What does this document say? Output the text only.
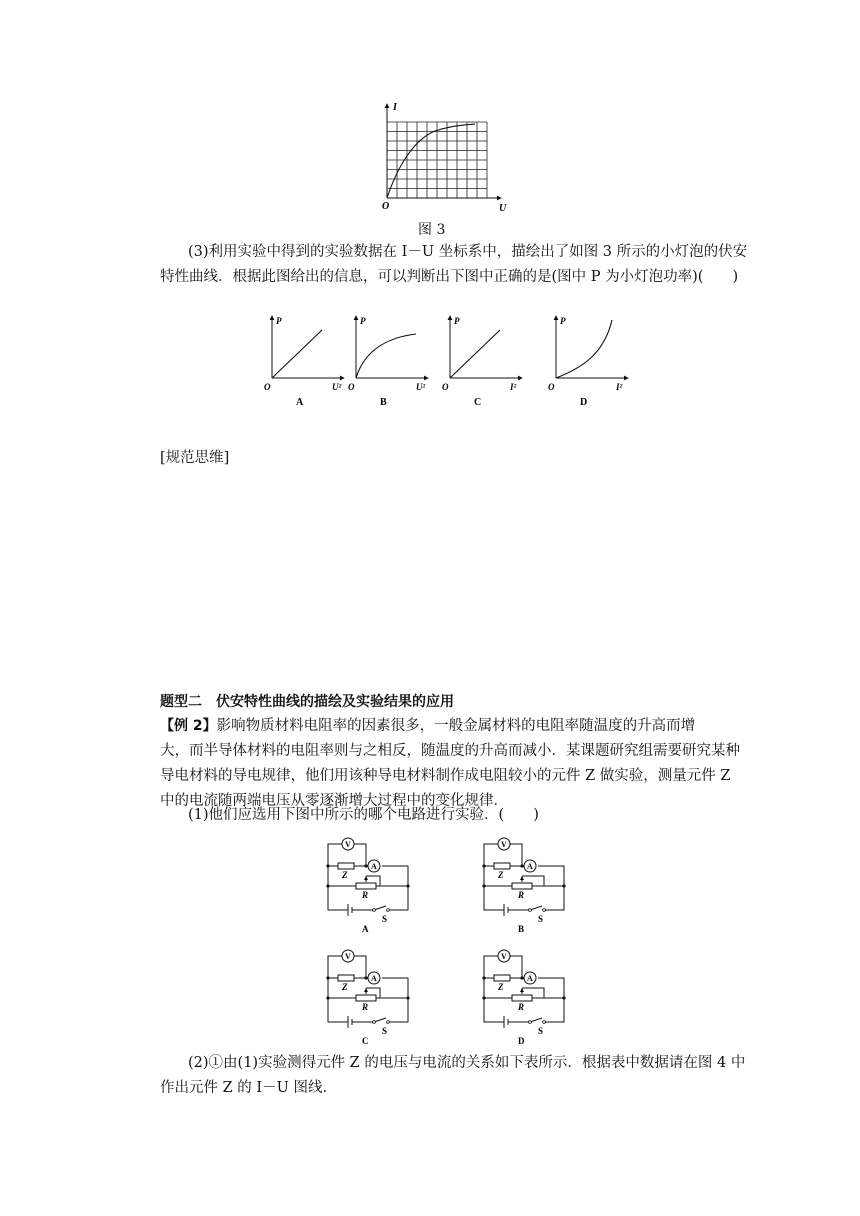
I
U
O
图 3
(3)利用实验中得到的实验数据在 I－U 坐标系中，描绘出了如图 3 所示的小灯泡的伏安
特性曲线．根据此图给出的信息，可以判断出下图中正确的是(图中 P 为小灯泡功率)(　　)
P
U²
O
A
P
U²
O
B
P
I²
O
C
P
I²
O
D
[规范思维]
题型二　伏安特性曲线的描绘及实验结果的应用
【例 2】影响物质材料电阻率的因素很多，一般金属材料的电阻率随温度的升高而增
大，而半导体材料的电阻率则与之相反，随温度的升高而减小．某课题研究组需要研究某种
导电材料的导电规律，他们用该种导电材料制作成电阻较小的元件 Z 做实验，测量元件 Z
中的电流随两端电压从零逐渐增大过程中的变化规律．
(1)他们应选用下图中所示的哪个电路进行实验．(　　)
V
A
Z
R
S
A
V
A
Z
R
S
B
V
A
Z
R
S
C
V
A
Z
R
S
D
(2)①由(1)实验测得元件 Z 的电压与电流的关系如下表所示．根据表中数据请在图 4 中
作出元件 Z 的 I－U 图线.
